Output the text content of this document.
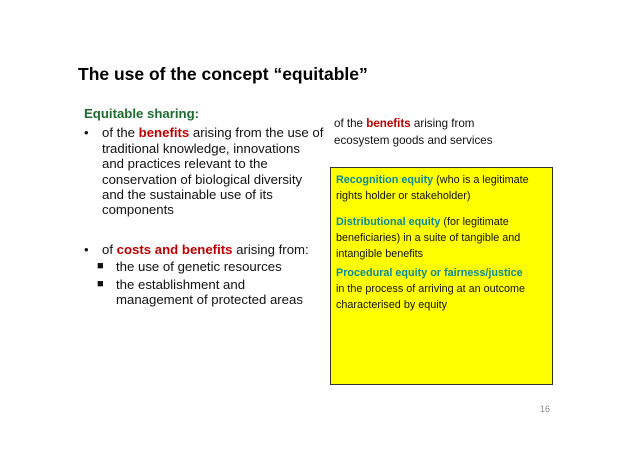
The use of the concept “equitable”
Equitable sharing:
• of the benefits arising from the use of traditional knowledge, innovations and practices relevant to the conservation of biological diversity and the sustainable use of its components
• of costs and benefits arising from:
■ the use of genetic resources
■ the establishment and management of protected areas
of the benefits arising from
ecosystem goods and services
Recognition equity (who is a legitimate rights holder or stakeholder)
Distributional equity (for legitimate beneficiaries) in a suite of tangible and intangible benefits
Procedural equity or fairness/justice
in the process of arriving at an outcome characterised by equity
16
